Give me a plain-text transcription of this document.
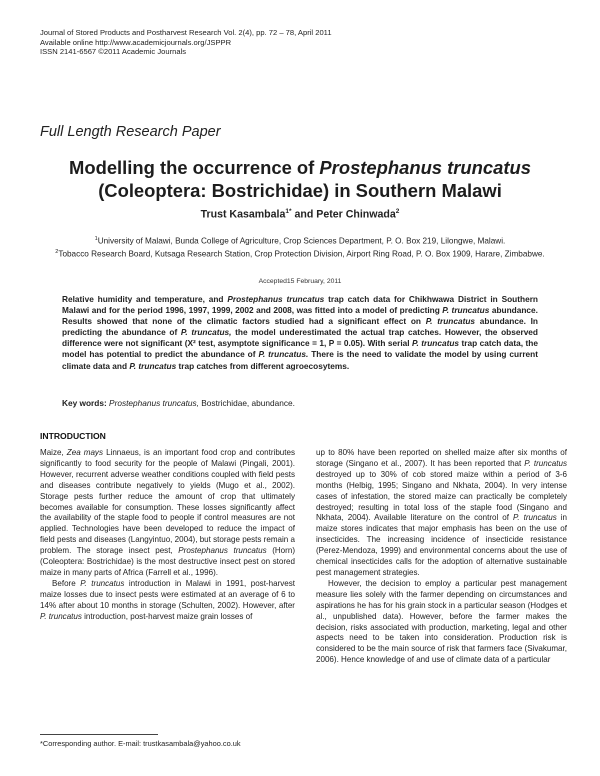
Journal of Stored Products and Postharvest Research Vol. 2(4), pp. 72 – 78, April 2011
Available online http://www.academicjournals.org/JSPPR
ISSN 2141-6567 ©2011 Academic Journals
Full Length Research Paper
Modelling the occurrence of Prostephanus truncatus
(Coleoptera: Bostrichidae) in Southern Malawi
Trust Kasambala$^{1*}$ and Peter Chinwada$^2$
$^1$University of Malawi, Bunda College of Agriculture, Crop Sciences Department, P. O. Box 219, Lilongwe, Malawi.
$^2$Tobacco Research Board, Kutsaga Research Station, Crop Protection Division, Airport Ring Road, P. O. Box 1909, Harare, Zimbabwe.
Accepted15 February, 2011
Relative humidity and temperature, and Prostephanus truncatus trap catch data for Chikhwawa District in Southern Malawi and for the period 1996, 1997, 1999, 2002 and 2008, was fitted into a model of predicting P. truncatus abundance. Results showed that none of the climatic factors studied had a significant effect on P. truncatus abundance. In predicting the abundance of P. truncatus, the model underestimated the actual trap catches. However, the observed difference were not significant (X² test, asymptote significance = 1, P = 0.05). With serial P. truncatus trap catch data, the model has potential to predict the abundance of P. truncatus. There is the need to validate the model by using current climate data and P. truncatus trap catches from different agroecosytems.
Key words: Prostephanus truncatus, Bostrichidae, abundance.
INTRODUCTION

Maize, Zea mays Linnaeus, is an important food crop and contributes significantly to food security for the people of Malawi (Pingali, 2001). However, recurrent adverse weather conditions coupled with field pests and diseases contribute negatively to yields (Mugo et al., 2002). Storage pests further reduce the amount of crop that ultimately becomes available for consumption. These losses significantly affect the availability of the staple food to people if control measures are not applied. Technologies have been developed to reduce the impact of field pests and diseases (Langyintuo, 2004), but storage pests remain a problem. The storage insect pest, Prostephanus truncatus (Horn) (Coleoptera: Bostrichidae) is the most destructive insect pest on stored maize in many parts of Africa (Farrell et al., 1996).

Before P. truncatus introduction in Malawi in 1991, post-harvest maize losses due to insect pests were estimated at an average of 6 to 14% after about 10 months in storage (Schulten, 2002). However, after P. truncatus introduction, post-harvest maize grain losses of

up to 80% have been reported on shelled maize after six months of storage (Singano et al., 2007). It has been reported that P. truncatus destroyed up to 30% of cob stored maize within a period of 3-6 months (Helbig, 1995; Singano and Nkhata, 2004). In very intense cases of infestation, the stored maize can practically be completely destroyed; resulting in total loss of the staple food (Singano and Nkhata, 2004). Available literature on the control of P. truncatus in maize stores indicates that major emphasis has been on the use of insecticides. The increasing incidence of insecticide resistance (Perez-Mendoza, 1999) and environmental concerns about the use of chemical insecticides calls for the adoption of alternative sustainable pest management strategies.

However, the decision to employ a particular pest management measure lies solely with the farmer depending on circumstances and aspirations he has for his grain stock in a particular season (Hodges et al., unpublished data). However, before the farmer makes the decision, risks associated with production, marketing, legal and other aspects need to be taken into consideration. Production risk is considered to be the main source of risk that farmers face (Sivakumar, 2006). Hence knowledge of and use of climate data of a particular

*Corresponding author. E-mail: trustkasambala@yahoo.co.uk
